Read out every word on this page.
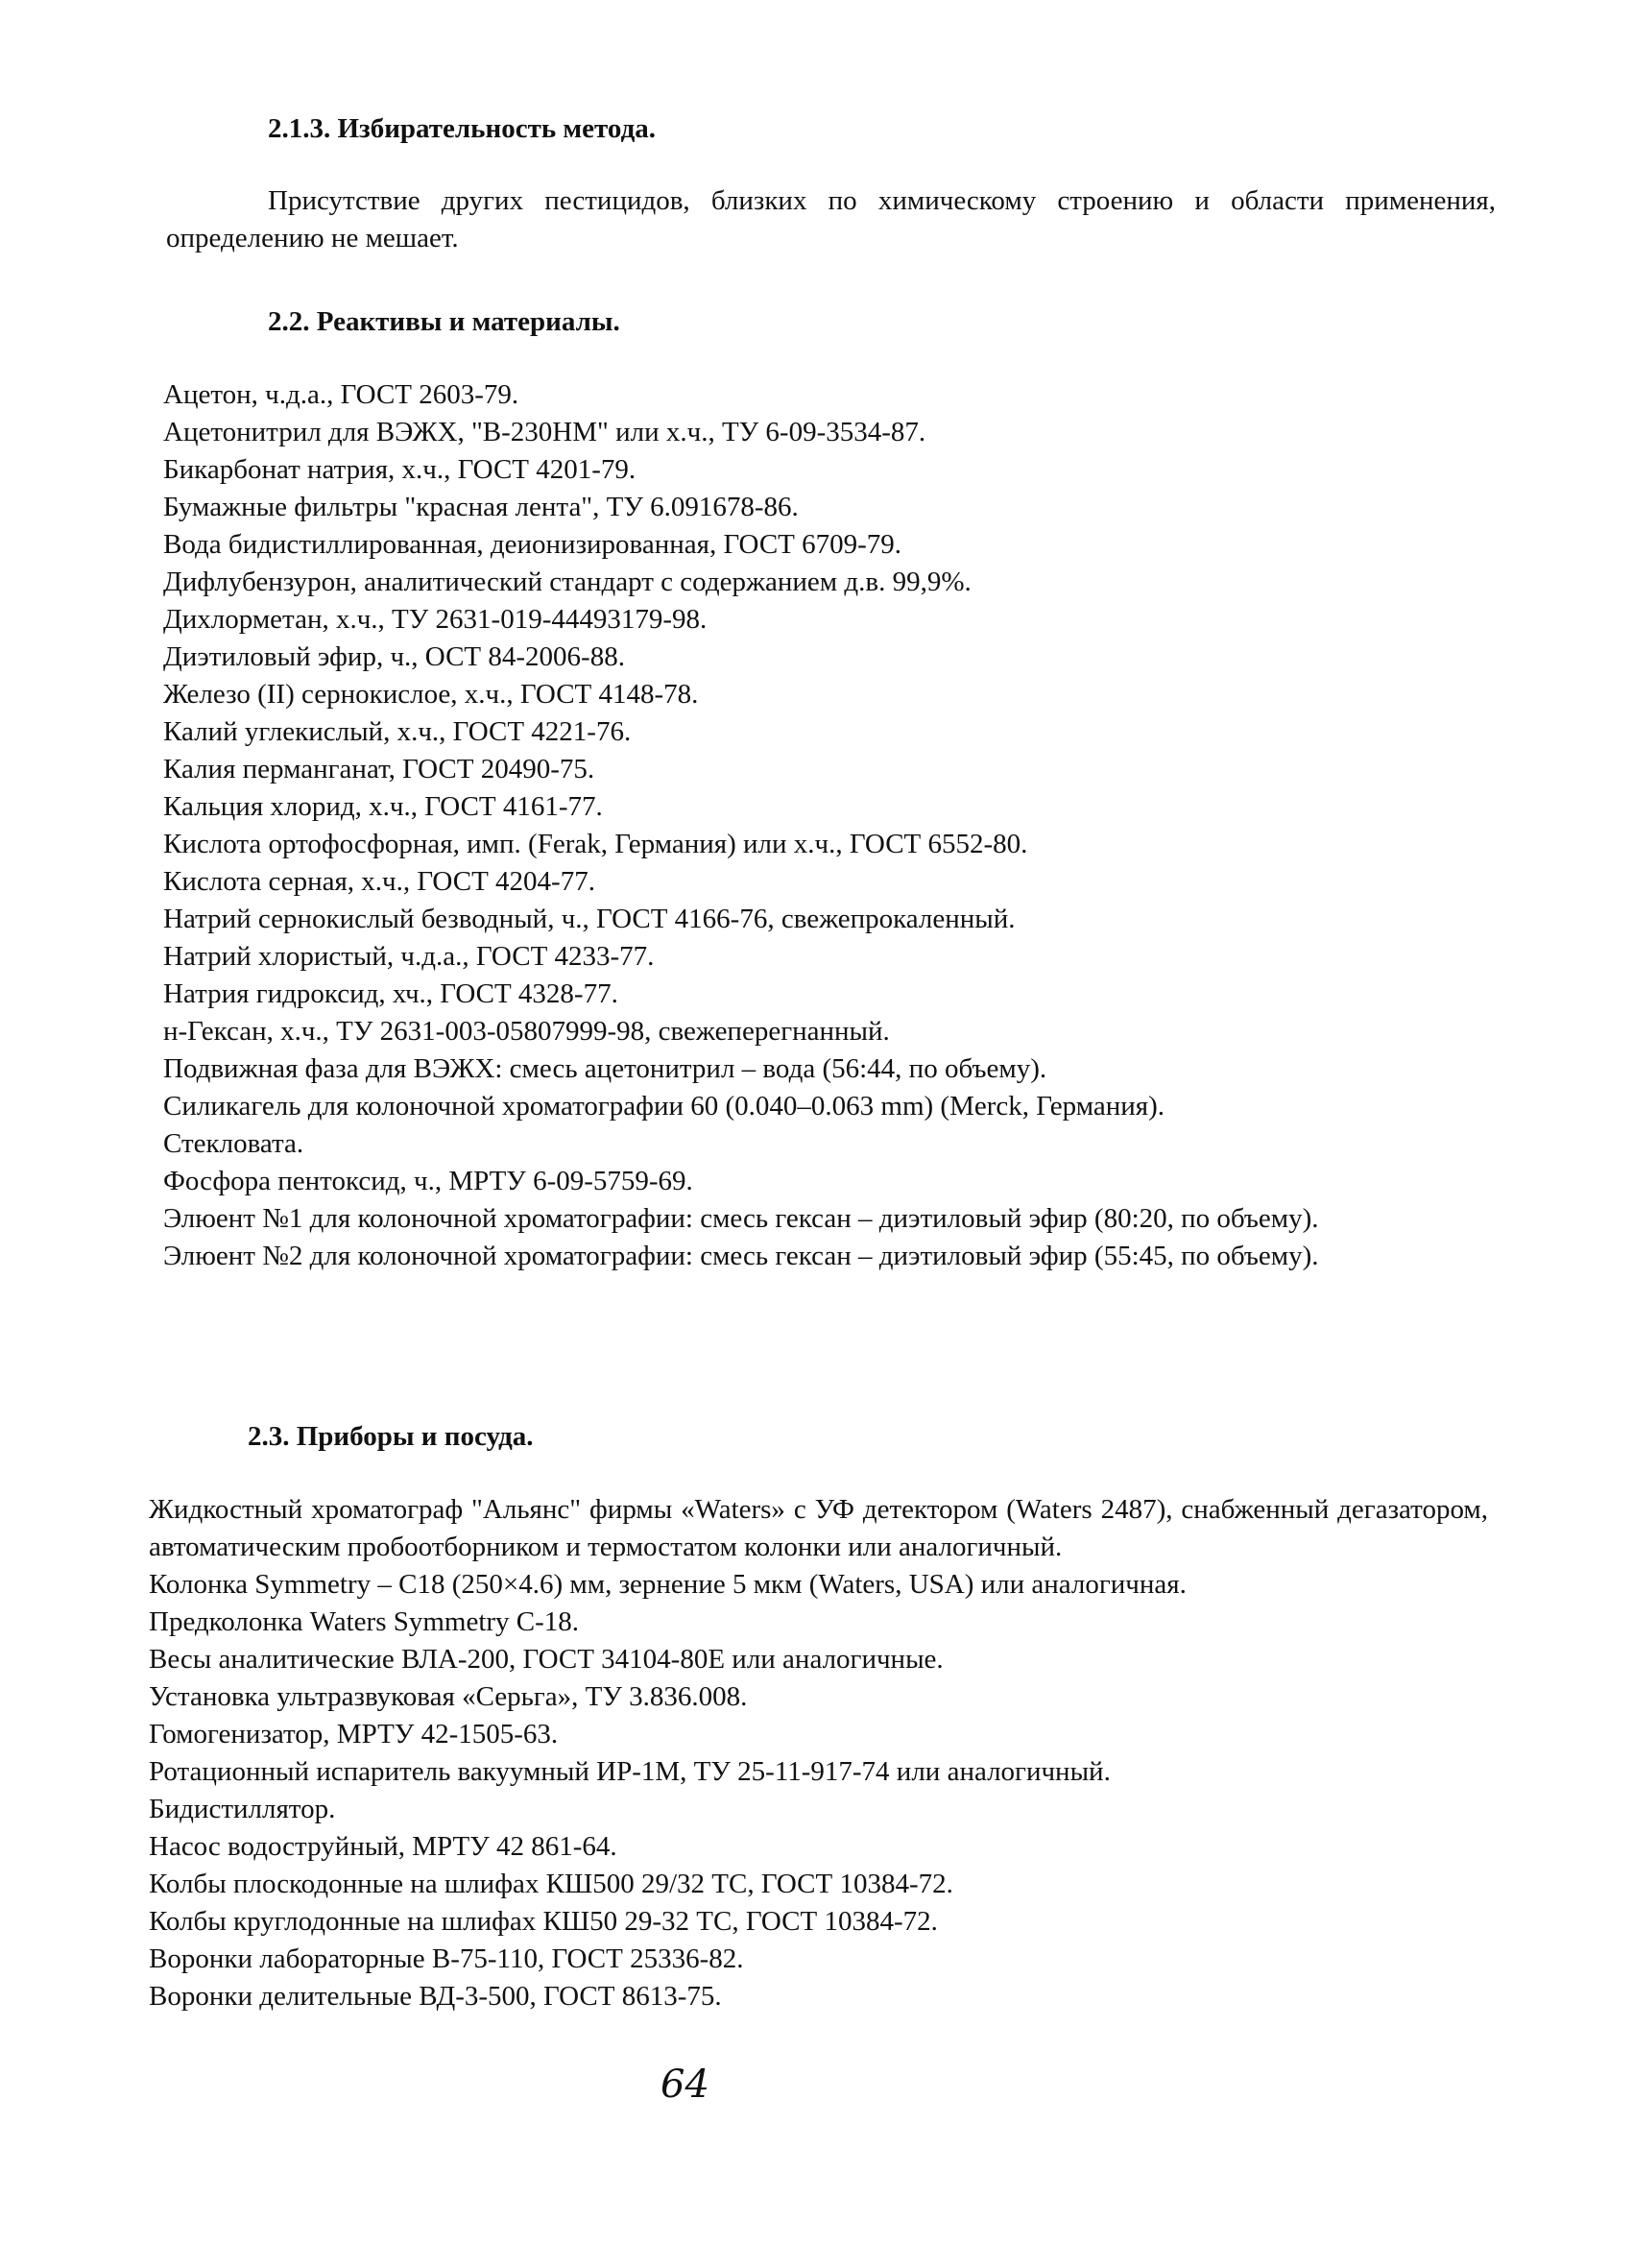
2.1.3. Избирательность метода.
Присутствие других пестицидов, близких по химическому строению и области применения, определению не мешает.
2.2. Реактивы и материалы.
Ацетон, ч.д.а., ГОСТ 2603-79.
Ацетонитрил для ВЭЖХ, "В-230НМ" или х.ч., ТУ 6-09-3534-87.
Бикарбонат натрия, х.ч., ГОСТ 4201-79.
Бумажные фильтры "красная лента", ТУ 6.091678-86.
Вода бидистиллированная, деионизированная, ГОСТ 6709-79.
Дифлубензурон, аналитический стандарт с содержанием д.в. 99,9%.
Дихлорметан, х.ч., ТУ 2631-019-44493179-98.
Диэтиловый эфир, ч., ОСТ 84-2006-88.
Железо (II) сернокислое, х.ч., ГОСТ 4148-78.
Калий углекислый, х.ч., ГОСТ 4221-76.
Калия перманганат, ГОСТ 20490-75.
Кальция хлорид, х.ч., ГОСТ 4161-77.
Кислота ортофосфорная, имп. (Ferak, Германия) или х.ч., ГОСТ 6552-80.
Кислота серная, х.ч., ГОСТ 4204-77.
Натрий сернокислый безводный, ч., ГОСТ 4166-76, свежепрокаленный.
Натрий хлористый, ч.д.а., ГОСТ 4233-77.
Натрия гидроксид, хч., ГОСТ 4328-77.
н-Гексан, х.ч., ТУ 2631-003-05807999-98, свежеперегнанный.
Подвижная фаза для ВЭЖХ: смесь ацетонитрил – вода (56:44, по объему).
Силикагель для колоночной хроматографии 60 (0.040–0.063 mm) (Merck, Германия).
Стекловата.
Фосфора пентоксид, ч., МРТУ 6-09-5759-69.
Элюент №1 для колоночной хроматографии: смесь гексан – диэтиловый эфир (80:20, по объему).
Элюент №2 для колоночной хроматографии: смесь гексан – диэтиловый эфир (55:45, по объему).
2.3. Приборы и посуда.
Жидкостный хроматограф "Альянс" фирмы «Waters» с УФ детектором (Waters 2487), снабженный дегазатором, автоматическим пробоотборником и термостатом колонки или аналогичный.
Колонка Symmetry – C18 (250×4.6) мм, зернение 5 мкм (Waters, USA) или аналогичная.
Предколонка Waters Symmetry C-18.
Весы аналитические ВЛА-200, ГОСТ 34104-80Е или аналогичные.
Установка ультразвуковая «Серьга», ТУ 3.836.008.
Гомогенизатор, МРТУ 42-1505-63.
Ротационный испаритель вакуумный ИР-1М, ТУ 25-11-917-74 или аналогичный.
Бидистиллятор.
Насос водоструйный, МРТУ 42 861-64.
Колбы плоскодонные на шлифах КШ500 29/32 ТС, ГОСТ 10384-72.
Колбы круглодонные на шлифах КШ50 29-32 ТС, ГОСТ 10384-72.
Воронки лабораторные В-75-110, ГОСТ 25336-82.
Воронки делительные ВД-3-500, ГОСТ 8613-75.
64
